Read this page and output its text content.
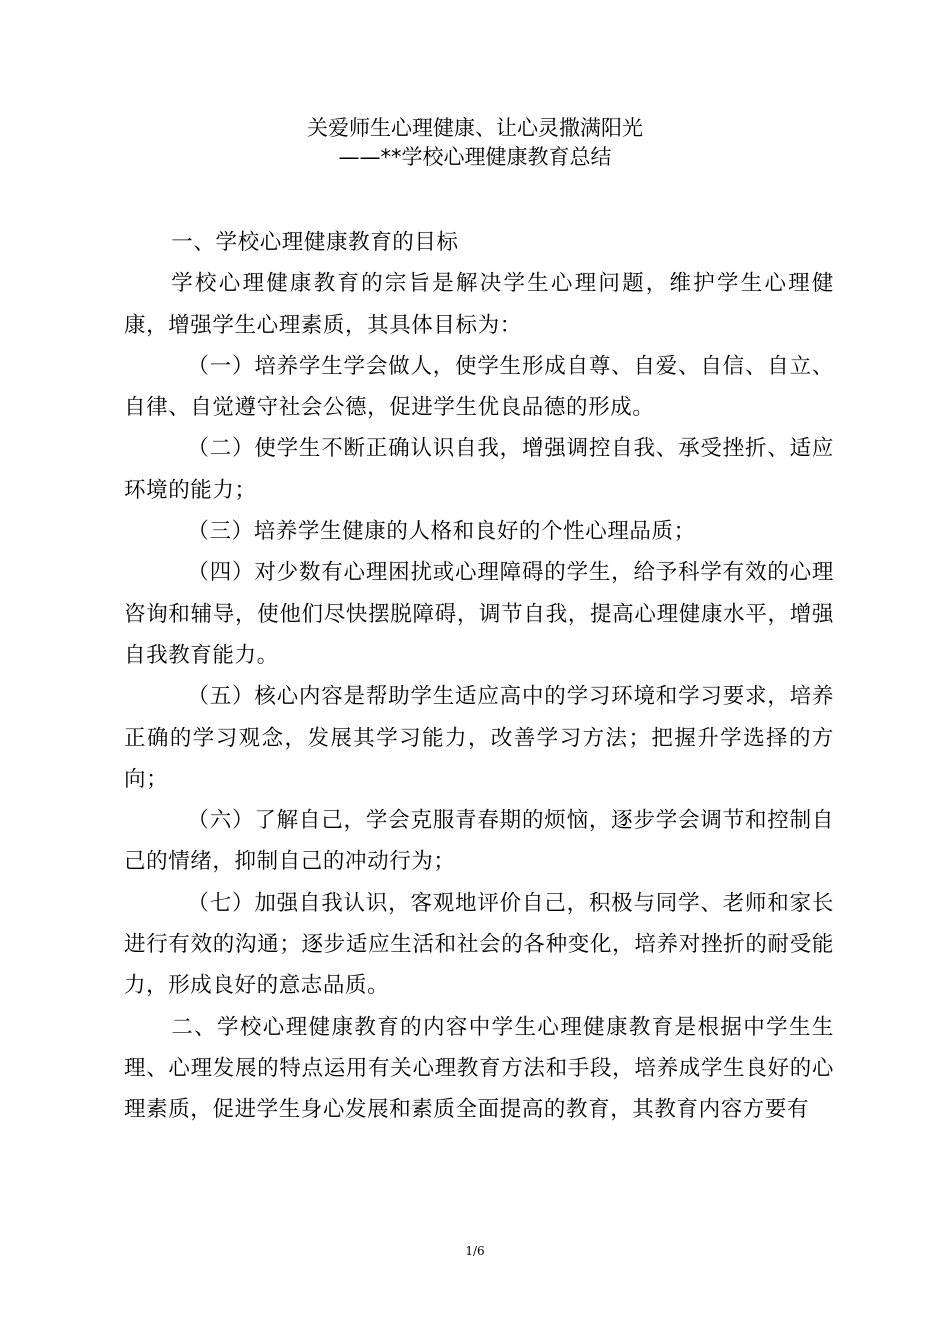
关爱师生心理健康、让心灵撒满阳光
——**学校心理健康教育总结

一、学校心理健康教育的目标

学校心理健康教育的宗旨是解决学生心理问题，维护学生心理健康，增强学生心理素质，其具体目标为：

（一）培养学生学会做人，使学生形成自尊、自爱、自信、自立、自律、自觉遵守社会公德，促进学生优良品德的形成。

（二）使学生不断正确认识自我，增强调控自我、承受挫折、适应环境的能力；

（三）培养学生健康的人格和良好的个性心理品质；

（四）对少数有心理困扰或心理障碍的学生，给予科学有效的心理咨询和辅导，使他们尽快摆脱障碍，调节自我，提高心理健康水平，增强自我教育能力。

（五）核心内容是帮助学生适应高中的学习环境和学习要求，培养正确的学习观念，发展其学习能力，改善学习方法；把握升学选择的方向；

（六）了解自己，学会克服青春期的烦恼，逐步学会调节和控制自己的情绪，抑制自己的冲动行为；

（七）加强自我认识，客观地评价自己，积极与同学、老师和家长进行有效的沟通；逐步适应生活和社会的各种变化，培养对挫折的耐受能力，形成良好的意志品质。

二、学校心理健康教育的内容中学生心理健康教育是根据中学生生理、心理发展的特点运用有关心理教育方法和手段，培养成学生良好的心理素质，促进学生身心发展和素质全面提高的教育，其教育内容方要有

1/6
